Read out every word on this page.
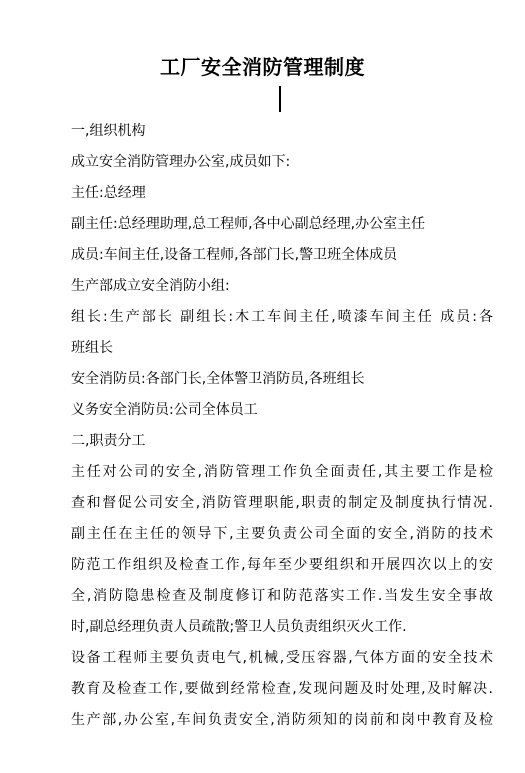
工厂安全消防管理制度
一,组织机构
成立安全消防管理办公室,成员如下:
主任:总经理
副主任:总经理助理,总工程师,各中心副总经理,办公室主任
成员:车间主任,设备工程师,各部门长,警卫班全体成员
生产部成立安全消防小组:
组长:生产部长 副组长:木工车间主任,喷漆车间主任 成员:各
班组长
安全消防员:各部门长,全体警卫消防员,各班组长
义务安全消防员:公司全体员工
二,职责分工
主任对公司的安全,消防管理工作负全面责任,其主要工作是检
查和督促公司安全,消防管理职能,职责的制定及制度执行情况.
副主任在主任的领导下,主要负责公司全面的安全,消防的技术
防范工作组织及检查工作,每年至少要组织和开展四次以上的安
全,消防隐患检查及制度修订和防范落实工作.当发生安全事故
时,副总经理负责人员疏散;警卫人员负责组织灭火工作.
设备工程师主要负责电气,机械,受压容器,气体方面的安全技术
教育及检查工作,要做到经常检查,发现问题及时处理,及时解决.
生产部,办公室,车间负责安全,消防须知的岗前和岗中教育及检
